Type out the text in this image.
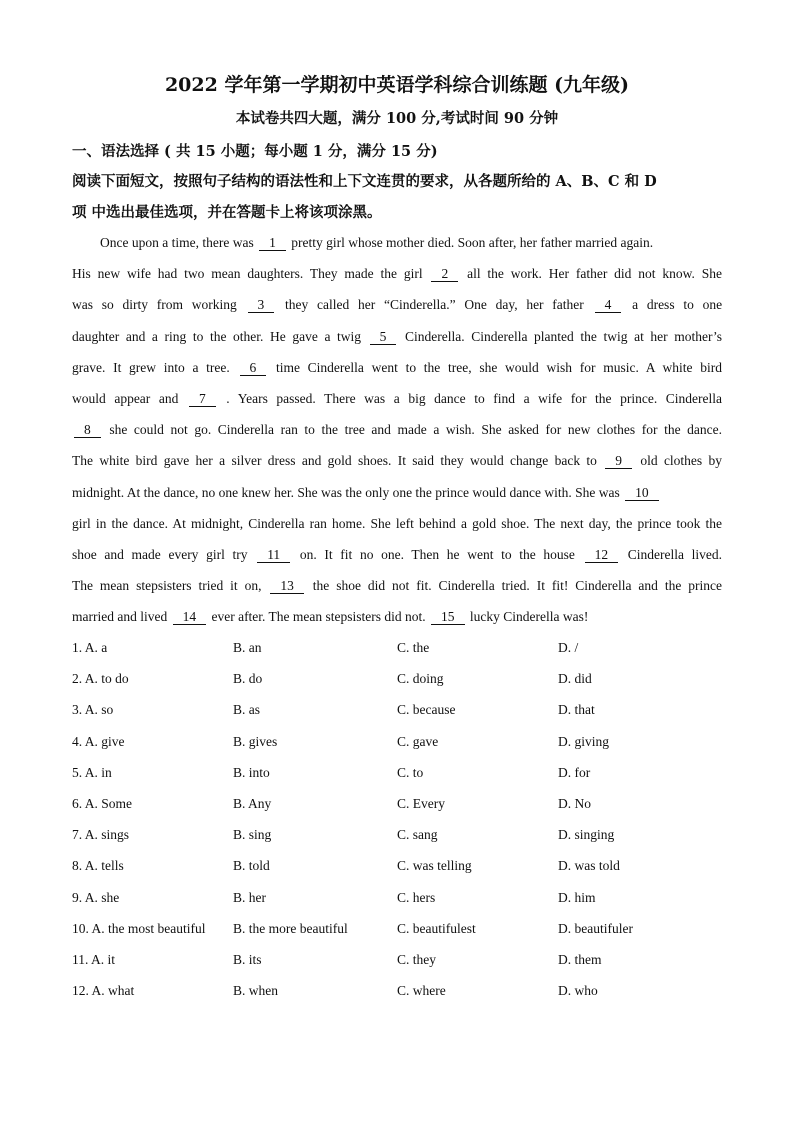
2022 学年第一学期初中英语学科综合训练题 (九年级)
本试卷共四大题，满分 100 分,考试时间 90 分钟
一、语法选择 ( 共 15 小题；每小题 1 分，满分 15 分)
阅读下面短文，按照句子结构的语法性和上下文连贯的要求，从各题所给的 A、B、C 和 D
项 中选出最佳选项，并在答题卡上将该项涂黑。
Once upon a time, there was 1 pretty girl whose mother died. Soon after, her father married again.
His new wife had two mean daughters. They made the girl 2 all the work. Her father did not know. She
was so dirty from working 3 they called her “Cinderella.” One day, her father 4 a dress to one
daughter and a ring to the other. He gave a twig 5 Cinderella. Cinderella planted the twig at her mother’s
grave. It grew into a tree. 6 time Cinderella went to the tree, she would wish for music. A white bird
would appear and 7 . Years passed. There was a big dance to find a wife for the prince. Cinderella
8 she could not go. Cinderella ran to the tree and made a wish. She asked for new clothes for the dance.
The white bird gave her a silver dress and gold shoes. It said they would change back to 9 old clothes by
midnight. At the dance, no one knew her. She was the only one the prince would dance with. She was 10
girl in the dance. At midnight, Cinderella ran home. She left behind a gold shoe. The next day, the prince took the
shoe and made every girl try 11 on. It fit no one. Then he went to the house 12 Cinderella lived.
The mean stepsisters tried it on, 13 the shoe did not fit. Cinderella tried. It fit! Cinderella and the prince
married and lived 14 ever after. The mean stepsisters did not. 15 lucky Cinderella was!
1. A. a	B. an	C. the	D. /
2. A. to do	B. do	C. doing	D. did
3. A. so	B. as	C. because	D. that
4. A. give	B. gives	C. gave	D. giving
5. A. in	B. into	C. to	D. for
6. A. Some	B. Any	C. Every	D. No
7. A. sings	B. sing	C. sang	D. singing
8. A. tells	B. told	C. was telling	D. was told
9. A. she	B. her	C. hers	D. him
10. A. the most beautiful B. the more beautiful	C. beautifulest	D. beautifuler
11. A. it	B. its	C. they	D. them
12. A. what	B. when	C. where	D. who
